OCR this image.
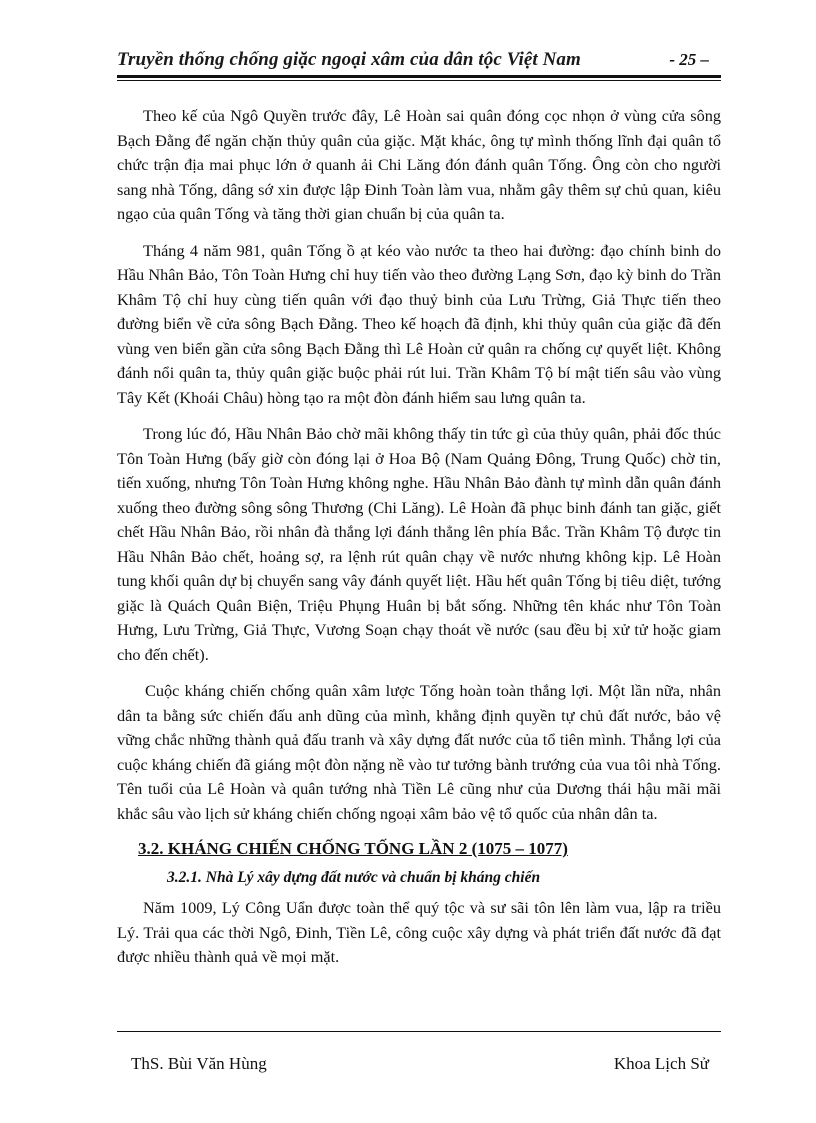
Truyền thống chống giặc ngoại xâm của dân tộc Việt Nam	- 25 –

Theo kế của Ngô Quyền trước đây, Lê Hoàn sai quân đóng cọc nhọn ở vùng cửa sông Bạch Đằng để ngăn chặn thủy quân của giặc. Mặt khác, ông tự mình thống lĩnh đại quân tổ chức trận địa mai phục lớn ở quanh ải Chi Lăng đón đánh quân Tống. Ông còn cho người sang nhà Tống, dâng sớ xin được lập Đinh Toàn làm vua, nhằm gây thêm sự chủ quan, kiêu ngạo của quân Tống và tăng thời gian chuẩn bị của quân ta.

Tháng 4 năm 981, quân Tống ồ ạt kéo vào nước ta theo hai đường: đạo chính binh do Hầu Nhân Bảo, Tôn Toàn Hưng chỉ huy tiến vào theo đường Lạng Sơn, đạo kỳ binh do Trần Khâm Tộ chỉ huy cùng tiến quân với đạo thuỷ binh của Lưu Trừng, Giả Thực tiến theo đường biển về cửa sông Bạch Đằng. Theo kế hoạch đã định, khi thủy quân của giặc đã đến vùng ven biển gần cửa sông Bạch Đằng thì Lê Hoàn cử quân ra chống cự quyết liệt. Không đánh nổi quân ta, thủy quân giặc buộc phải rút lui. Trần Khâm Tộ bí mật tiến sâu vào vùng Tây Kết (Khoái Châu) hòng tạo ra một đòn đánh hiểm sau lưng quân ta.

Trong lúc đó, Hầu Nhân Bảo chờ mãi không thấy tin tức gì của thủy quân, phải đốc thúc Tôn Toàn Hưng (bấy giờ còn đóng lại ở Hoa Bộ (Nam Quảng Đông, Trung Quốc) chờ tin, tiến xuống, nhưng Tôn Toàn Hưng không nghe. Hầu Nhân Bảo đành tự mình dẫn quân đánh xuống theo đường sông sông Thương (Chi Lăng). Lê Hoàn đã phục binh đánh tan giặc, giết chết Hầu Nhân Bảo, rồi nhân đà thắng lợi đánh thẳng lên phía Bắc. Trần Khâm Tộ được tin Hầu Nhân Bảo chết, hoảng sợ, ra lệnh rút quân chạy về nước nhưng không kịp. Lê Hoàn tung khối quân dự bị chuyển sang vây đánh quyết liệt. Hầu hết quân Tống bị tiêu diệt, tướng giặc là Quách Quân Biện, Triệu Phụng Huân bị bắt sống. Những tên khác như Tôn Toàn Hưng, Lưu Trừng, Giả Thực, Vương Soạn chạy thoát về nước (sau đều bị xử tử hoặc giam cho đến chết).

Cuộc kháng chiến chống quân xâm lược Tống hoàn toàn thắng lợi. Một lần nữa, nhân dân ta bằng sức chiến đấu anh dũng của mình, khẳng định quyền tự chủ đất nước, bảo vệ vững chắc những thành quả đấu tranh và xây dựng đất nước của tổ tiên mình. Thắng lợi của cuộc kháng chiến đã giáng một đòn nặng nề vào tư tưởng bành trướng của vua tôi nhà Tống. Tên tuổi của Lê Hoàn và quân tướng nhà Tiền Lê cũng như của Dương thái hậu mãi mãi khắc sâu vào lịch sử kháng chiến chống ngoại xâm bảo vệ tổ quốc của nhân dân ta.

3.2. KHÁNG CHIẾN CHỐNG TỐNG LẦN 2 (1075 – 1077)
3.2.1. Nhà Lý xây dựng đất nước và chuẩn bị kháng chiến

Năm 1009, Lý Công Uẩn được toàn thể quý tộc và sư sãi tôn lên làm vua, lập ra triều Lý. Trải qua các thời Ngô, Đinh, Tiền Lê, công cuộc xây dựng và phát triển đất nước đã đạt được nhiều thành quả về mọi mặt.

ThS. Bùi Văn Hùng	Khoa Lịch Sử
